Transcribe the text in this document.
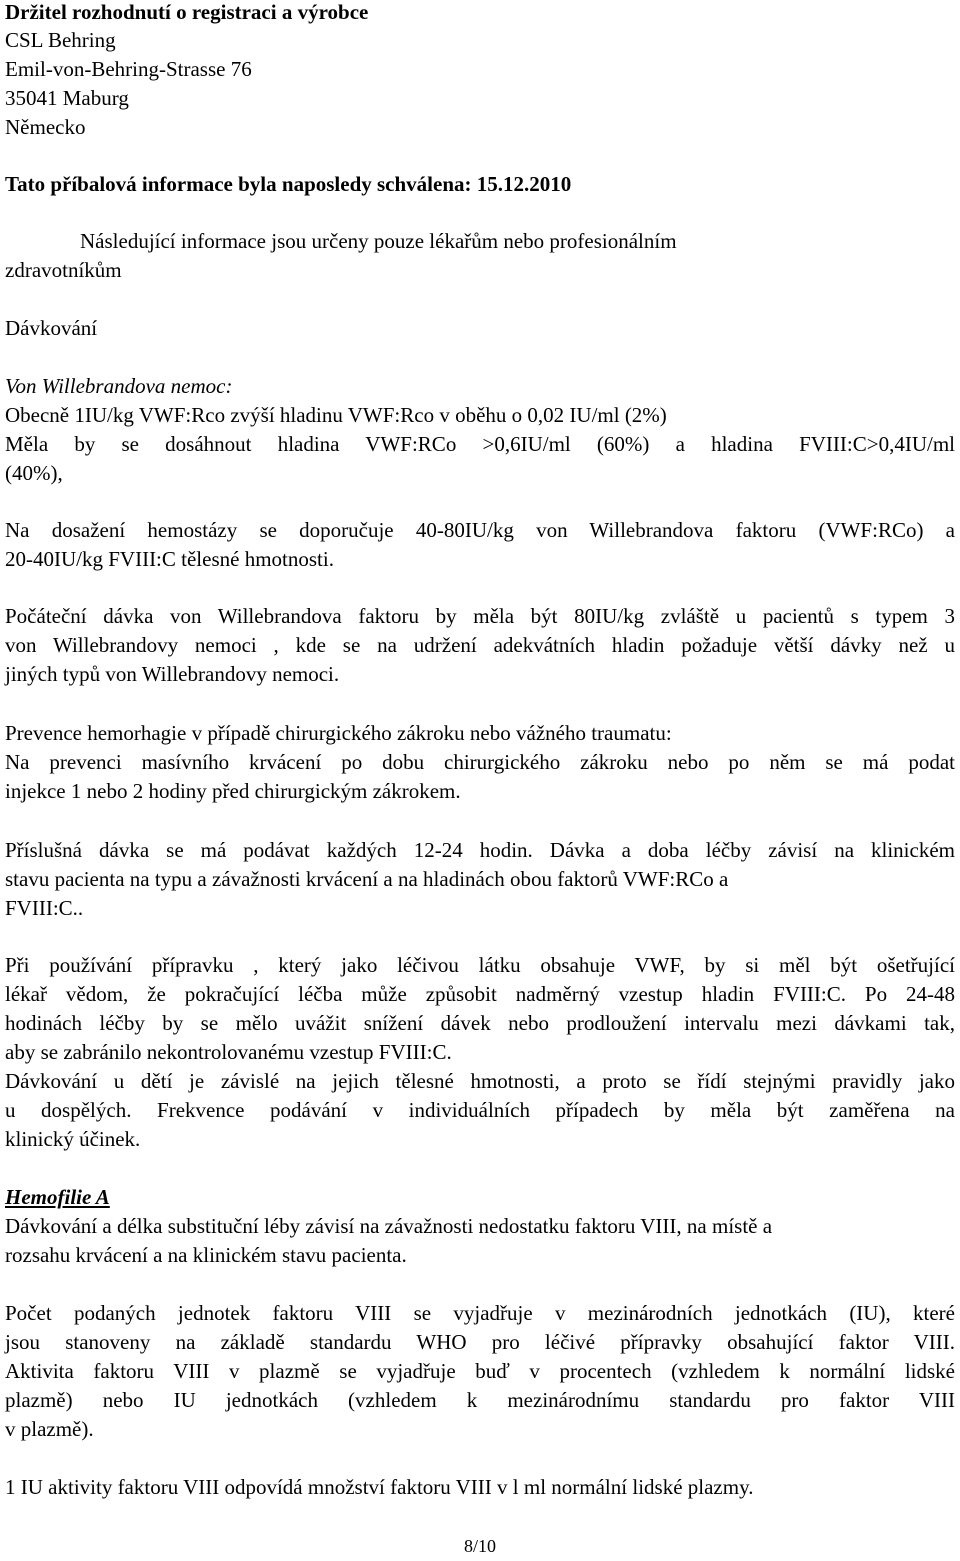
Držitel rozhodnutí o registraci a výrobce
CSL Behring
Emil-von-Behring-Strasse 76
35041 Maburg
Německo
Tato příbalová informace byla naposledy schválena: 15.12.2010
Následující informace jsou určeny pouze lékařům nebo profesionálním
zdravotníkům
Dávkování
Von Willebrandova nemoc:
Obecně 1IU/kg VWF:Rco zvýší hladinu VWF:Rco v oběhu o 0,02 IU/ml (2%)
Měla by se dosáhnout hladina VWF:RCo >0,6IU/ml (60%) a hladina FVIII:C>0,4IU/ml
(40%),
Na dosažení hemostázy se doporučuje 40-80IU/kg von Willebrandova faktoru (VWF:RCo) a
20-40IU/kg FVIII:C tělesné hmotnosti.
Počáteční dávka von Willebrandova faktoru by měla být 80IU/kg zvláště u pacientů s typem 3
von Willebrandovy nemoci , kde se na udržení adekvátních hladin požaduje větší dávky než u
jiných typů von Willebrandovy nemoci.
Prevence hemorhagie v případě chirurgického zákroku nebo vážného traumatu:
Na prevenci masívního krvácení po dobu chirurgického zákroku nebo po něm se má podat
injekce 1 nebo 2 hodiny před chirurgickým zákrokem.
Příslušná dávka se má podávat každých 12-24 hodin. Dávka a doba léčby závisí na klinickém
stavu pacienta na typu a závažnosti krvácení a na hladinách obou faktorů VWF:RCo a
FVIII:C..
Při používání přípravku , který jako léčivou látku obsahuje VWF, by si měl být ošetřující
lékař vědom, že pokračující léčba může způsobit nadměrný vzestup hladin FVIII:C. Po 24-48
hodinách léčby by se mělo uvážit snížení dávek nebo prodloužení intervalu mezi dávkami tak,
aby se zabránilo nekontrolovanému vzestup FVIII:C.
Dávkování u dětí je závislé na jejich tělesné hmotnosti, a proto se řídí stejnými pravidly jako
u dospělých. Frekvence podávání v individuálních případech by měla být zaměřena na
klinický účinek.
Hemofilie A
Dávkování a délka substituční léby závisí na závažnosti nedostatku faktoru VIII, na místě a
rozsahu krvácení a na klinickém stavu pacienta.
Počet podaných jednotek faktoru VIII se vyjadřuje v mezinárodních jednotkách (IU), které
jsou stanoveny na základě standardu WHO pro léčivé přípravky obsahující faktor VIII.
Aktivita faktoru VIII v plazmě se vyjadřuje buď v procentech (vzhledem k normální lidské
plazmě) nebo IU jednotkách (vzhledem k mezinárodnímu standardu pro faktor VIII
v plazmě).
1 IU aktivity faktoru VIII odpovídá množství faktoru VIII v l ml normální lidské plazmy.
8/10
